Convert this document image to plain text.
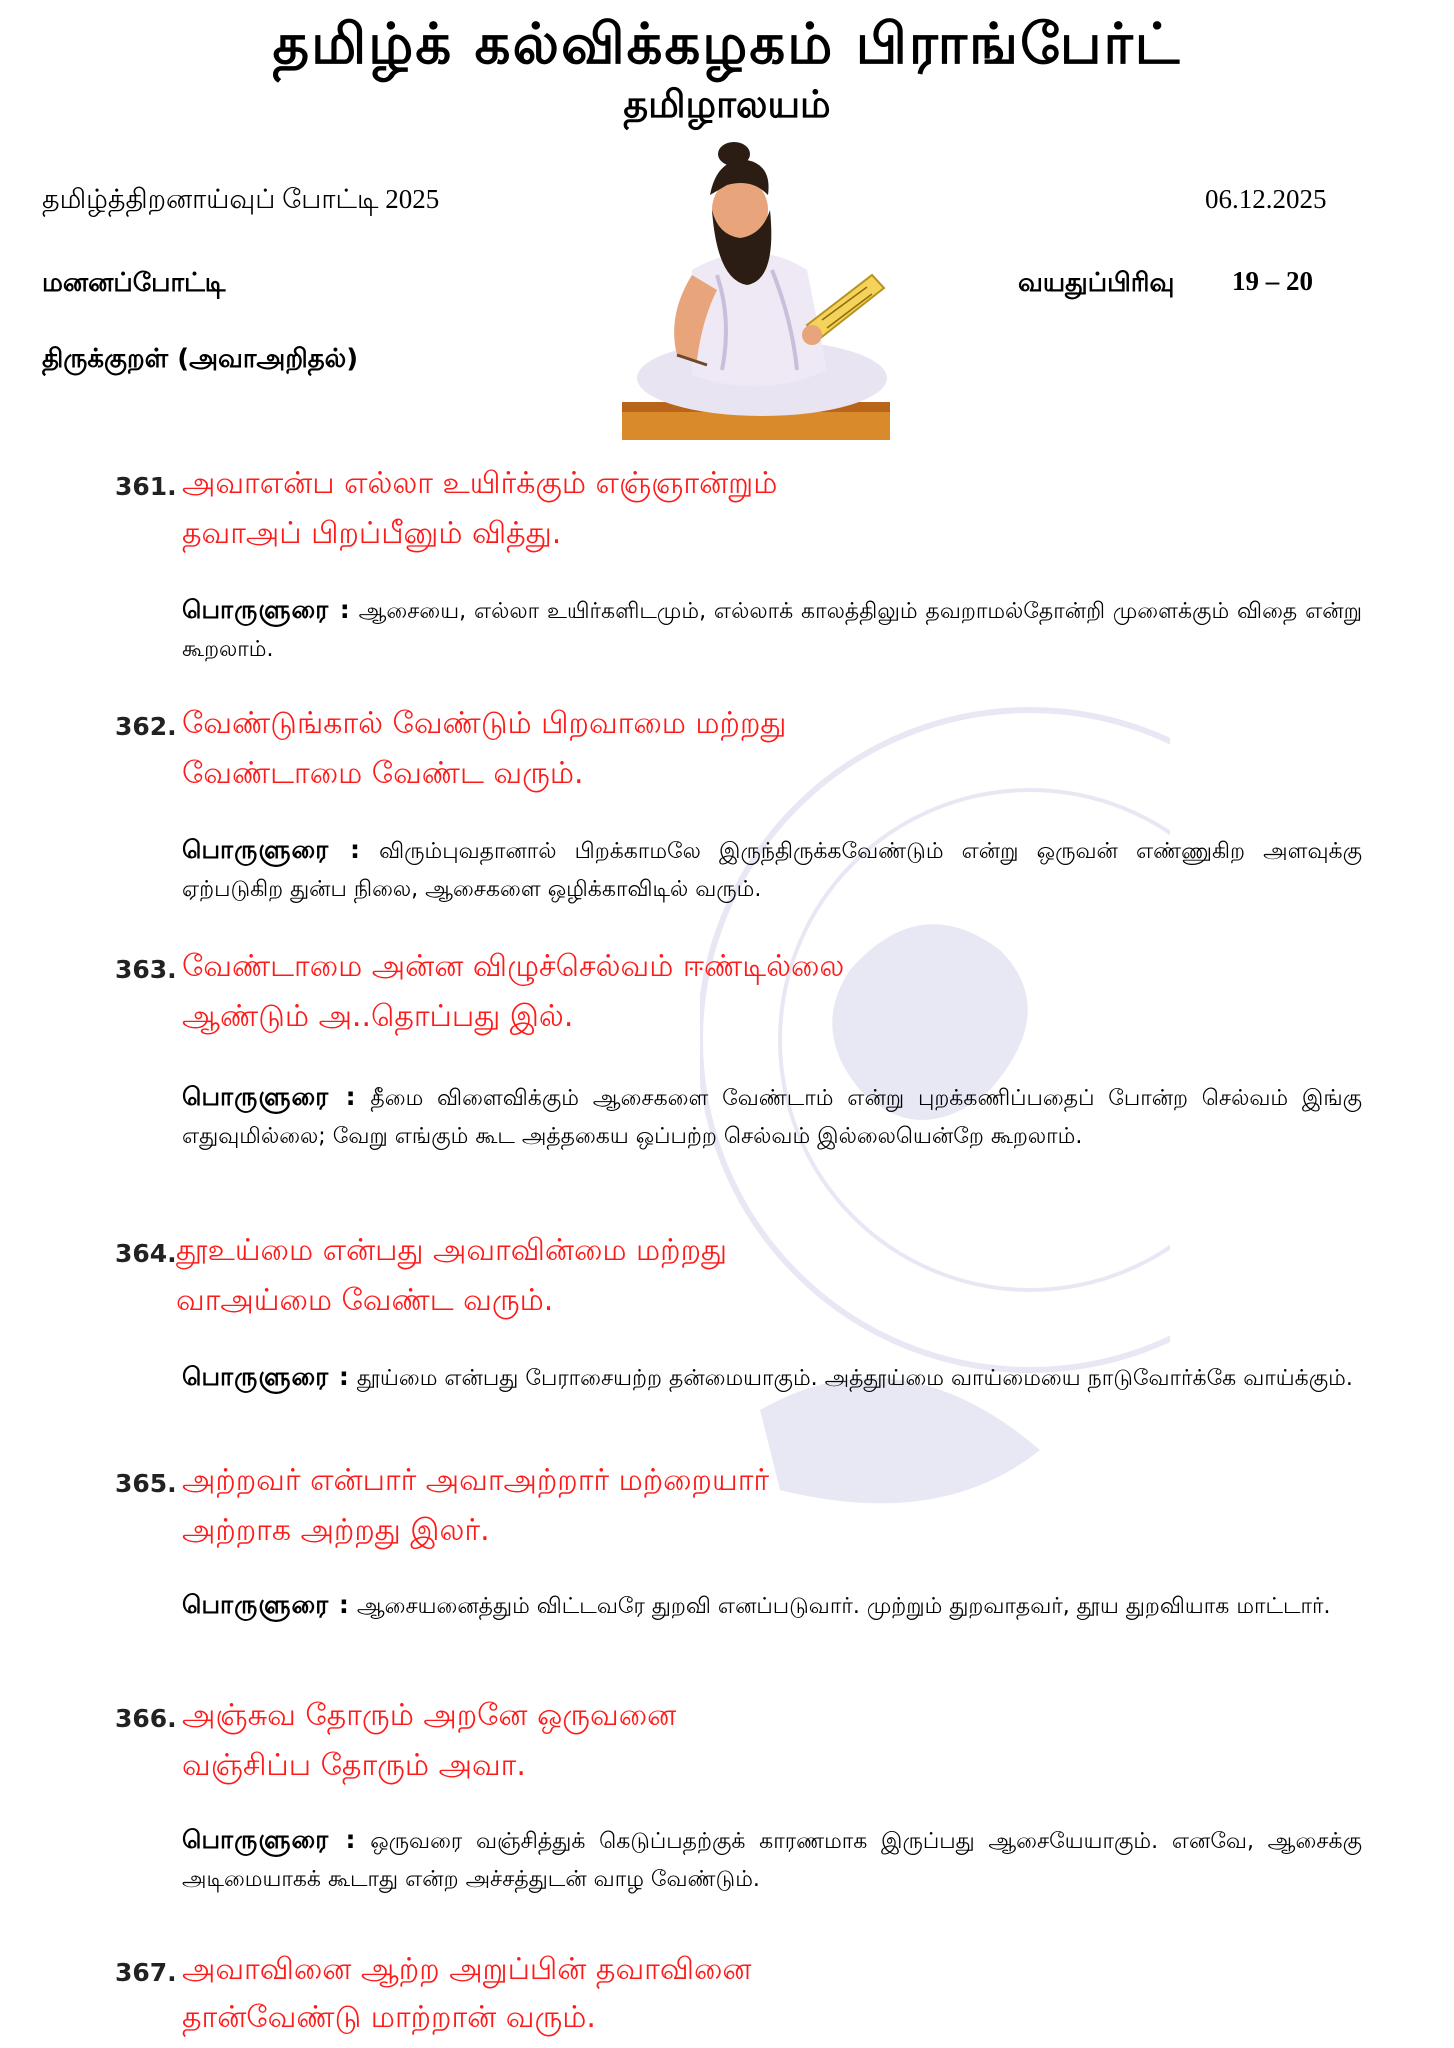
தமிழ்க் கல்விக்கழகம் பிராங்பேர்ட்
தமிழாலயம்
தமிழ்த்திறனாய்வுப் போட்டி 2025	06.12.2025
மனனப்போட்டி	வயதுப்பிரிவு 19 – 20
திருக்குறள் (அவாஅறிதல்)
361. அவாஎன்ப எல்லா உயிர்க்கும் எஞ்ஞான்றும்
தவாஅப் பிறப்பீனும் வித்து.
பொருளுரை : ஆசையை, எல்லா உயிர்களிடமும், எல்லாக் காலத்திலும் தவறாமல்தோன்றி முளைக்கும் விதை என்று கூறலாம்.
362. வேண்டுங்கால் வேண்டும் பிறவாமை மற்றது
வேண்டாமை வேண்ட வரும்.
பொருளுரை : விரும்புவதானால் பிறக்காமலே இருந்திருக்கவேண்டும் என்று ஒருவன் எண்ணுகிற அளவுக்கு ஏற்படுகிற துன்ப நிலை, ஆசைகளை ஒழிக்காவிடில் வரும்.
363. வேண்டாமை அன்ன விழுச்செல்வம் ஈண்டில்லை
ஆண்டும் அ..தொப்பது இல்.
பொருளுரை : தீமை விளைவிக்கும் ஆசைகளை வேண்டாம் என்று புறக்கணிப்பதைப் போன்ற செல்வம் இங்கு எதுவுமில்லை; வேறு எங்கும் கூட அத்தகைய ஒப்பற்ற செல்வம் இல்லையென்றே கூறலாம்.
364. தூஉய்மை என்பது அவாவின்மை மற்றது
வாஅய்மை வேண்ட வரும்.
பொருளுரை : தூய்மை என்பது பேராசையற்ற தன்மையாகும். அத்தூய்மை வாய்மையை நாடுவோர்க்கே வாய்க்கும்.
365. அற்றவர் என்பார் அவாஅற்றார் மற்றையார்
அற்றாக அற்றது இலர்.
பொருளுரை : ஆசையனைத்தும் விட்டவரே துறவி எனப்படுவார். முற்றும் துறவாதவர், தூய துறவியாக மாட்டார்.
366. அஞ்சுவ தோரும் அறனே ஒருவனை
வஞ்சிப்ப தோரும் அவா.
பொருளுரை : ஒருவரை வஞ்சித்துக் கெடுப்பதற்குக் காரணமாக இருப்பது ஆசையேயாகும். எனவே, ஆசைக்கு அடிமையாகக் கூடாது என்ற அச்சத்துடன் வாழ வேண்டும்.
367. அவாவினை ஆற்ற அறுப்பின் தவாவினை
தான்வேண்டு மாற்றான் வரும்.
